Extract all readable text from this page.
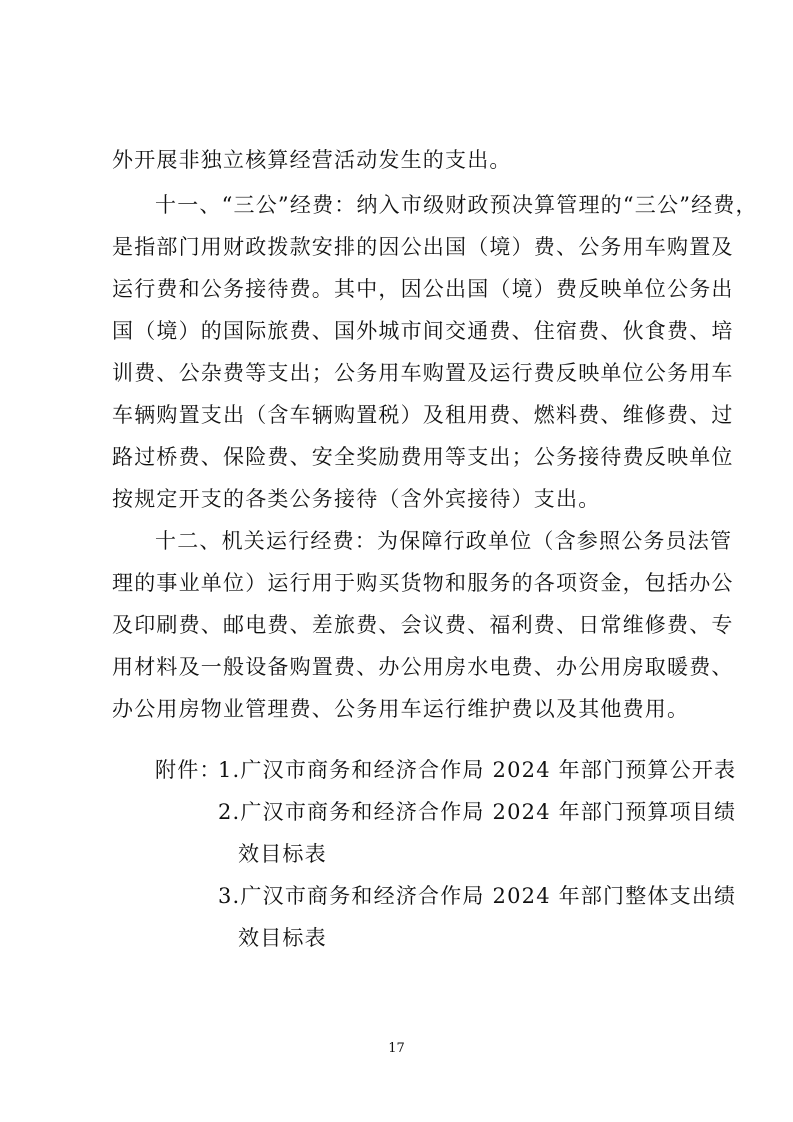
外开展非独立核算经营活动发生的支出。
十一、“三公”经费：纳入市级财政预决算管理的“三公”经费，
是指部门用财政拨款安排的因公出国（境）费、公务用车购置及
运行费和公务接待费。其中，因公出国（境）费反映单位公务出
国（境）的国际旅费、国外城市间交通费、住宿费、伙食费、培
训费、公杂费等支出；公务用车购置及运行费反映单位公务用车
车辆购置支出（含车辆购置税）及租用费、燃料费、维修费、过
路过桥费、保险费、安全奖励费用等支出；公务接待费反映单位
按规定开支的各类公务接待（含外宾接待）支出。
十二、机关运行经费：为保障行政单位（含参照公务员法管
理的事业单位）运行用于购买货物和服务的各项资金，包括办公
及印刷费、邮电费、差旅费、会议费、福利费、日常维修费、专
用材料及一般设备购置费、办公用房水电费、办公用房取暖费、
办公用房物业管理费、公务用车运行维护费以及其他费用。
附件：
1.广汉市商务和经济合作局 2024 年部门预算公开表
2.广汉市商务和经济合作局 2024 年部门预算项目绩
效目标表
3.广汉市商务和经济合作局 2024 年部门整体支出绩
效目标表
17
